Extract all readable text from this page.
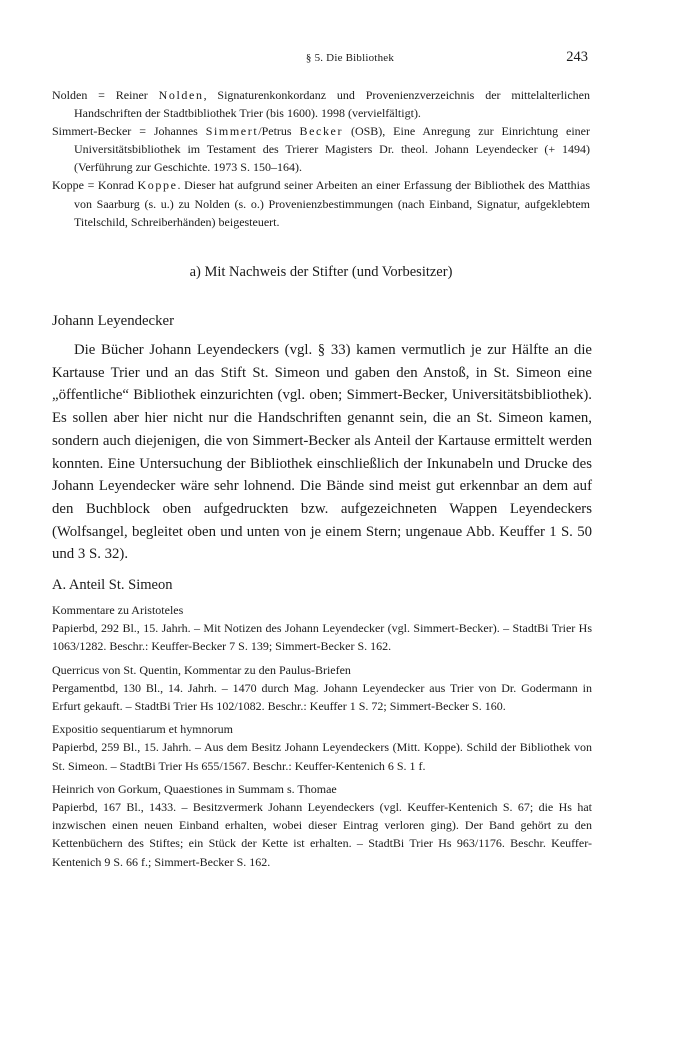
§ 5. Die Bibliothek	243

Nolden = Reiner Nolden, Signaturenkonkordanz und Provenienzverzeichnis der mittelalterlichen Handschriften der Stadtbibliothek Trier (bis 1600). 1998 (vervielfältigt).

Simmert-Becker = Johannes Simmert/Petrus Becker (OSB), Eine Anregung zur Einrichtung einer Universitätsbibliothek im Testament des Trierer Magisters Dr. theol. Johann Leyendecker (+ 1494) (Verführung zur Geschichte. 1973 S. 150–164).

Koppe = Konrad Koppe. Dieser hat aufgrund seiner Arbeiten an einer Erfassung der Bibliothek des Matthias von Saarburg (s. u.) zu Nolden (s. o.) Provenienzbestimmungen (nach Einband, Signatur, aufgeklebtem Titelschild, Schreiberhänden) beigesteuert.

a) Mit Nachweis der Stifter (und Vorbesitzer)
Johann Leyendecker

Die Bücher Johann Leyendeckers (vgl. § 33) kamen vermutlich je zur Hälfte an die Kartause Trier und an das Stift St. Simeon und gaben den Anstoß, in St. Simeon eine „öffentliche“ Bibliothek einzurichten (vgl. oben; Simmert-Becker, Universitätsbibliothek). Es sollen aber hier nicht nur die Handschriften genannt sein, die an St. Simeon kamen, sondern auch diejenigen, die von Simmert-Becker als Anteil der Kartause ermittelt werden konnten. Eine Untersuchung der Bibliothek einschließlich der Inkunabeln und Drucke des Johann Leyendecker wäre sehr lohnend. Die Bände sind meist gut erkennbar an dem auf den Buchblock oben aufgedruckten bzw. aufgezeichneten Wappen Leyendeckers (Wolfsangel, begleitet oben und unten von je einem Stern; ungenaue Abb. Keuffer 1 S. 50 und 3 S. 32).

A. Anteil St. Simeon

Kommentare zu Aristoteles

Papierbd, 292 Bl., 15. Jahrh. – Mit Notizen des Johann Leyendecker (vgl. Simmert-Becker). – StadtBi Trier Hs 1063/1282. Beschr.: Keuffer-Becker 7 S. 139; Simmert-Becker S. 162.

Querricus von St. Quentin, Kommentar zu den Paulus-Briefen

Pergamentbd, 130 Bl., 14. Jahrh. – 1470 durch Mag. Johann Leyendecker aus Trier von Dr. Godermann in Erfurt gekauft. – StadtBi Trier Hs 102/1082. Beschr.: Keuffer 1 S. 72; Simmert-Becker S. 160.

Expositio sequentiarum et hymnorum

Papierbd, 259 Bl., 15. Jahrh. – Aus dem Besitz Johann Leyendeckers (Mitt. Koppe). Schild der Bibliothek von St. Simeon. – StadtBi Trier Hs 655/1567. Beschr.: Keuffer-Kentenich 6 S. 1 f.

Heinrich von Gorkum, Quaestiones in Summam s. Thomae

Papierbd, 167 Bl., 1433. – Besitzvermerk Johann Leyendeckers (vgl. Keuffer-Kentenich S. 67; die Hs hat inzwischen einen neuen Einband erhalten, wobei dieser Eintrag verloren ging). Der Band gehört zu den Kettenbüchern des Stiftes; ein Stück der Kette ist erhalten. – StadtBi Trier Hs 963/1176. Beschr. Keuffer-Kentenich 9 S. 66 f.; Simmert-Becker S. 162.
